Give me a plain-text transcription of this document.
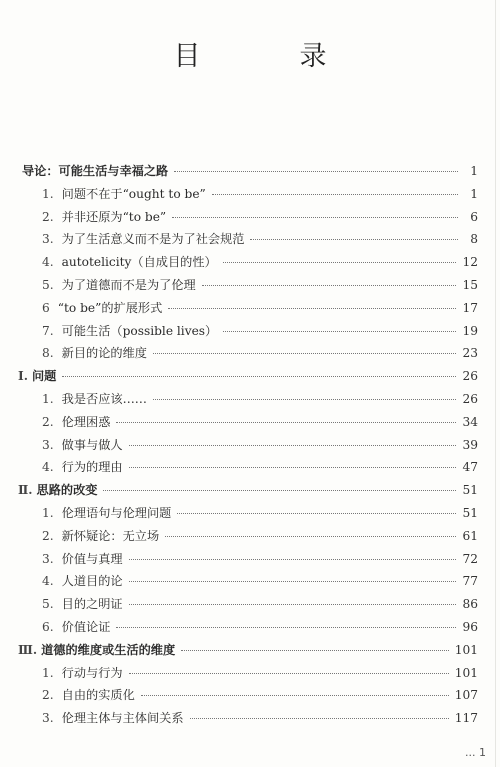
目　录
导论：可能生活与幸福之路	1
1. 问题不在于“ought to be”	1
2. 并非还原为“to be”	6
3. 为了生活意义而不是为了社会规范	8
4. autotelicity（自成目的性）	12
5. 为了道德而不是为了伦理	15
6 “to be”的扩展形式	17
7. 可能生活（possible lives）	19
8. 新目的论的维度	23
Ⅰ. 问题	26
1. 我是否应该……	26
2. 伦理困惑	34
3. 做事与做人	39
4. 行为的理由	47
Ⅱ. 思路的改变	51
1. 伦理语句与伦理问题	51
2. 新怀疑论：无立场	61
3. 价值与真理	72
4. 人道目的论	77
5. 目的之明证	86
6. 价值论证	96
Ⅲ. 道德的维度或生活的维度	101
1. 行动与行为	101
2. 自由的实质化	107
3. 伦理主体与主体间关系	117
... 1
